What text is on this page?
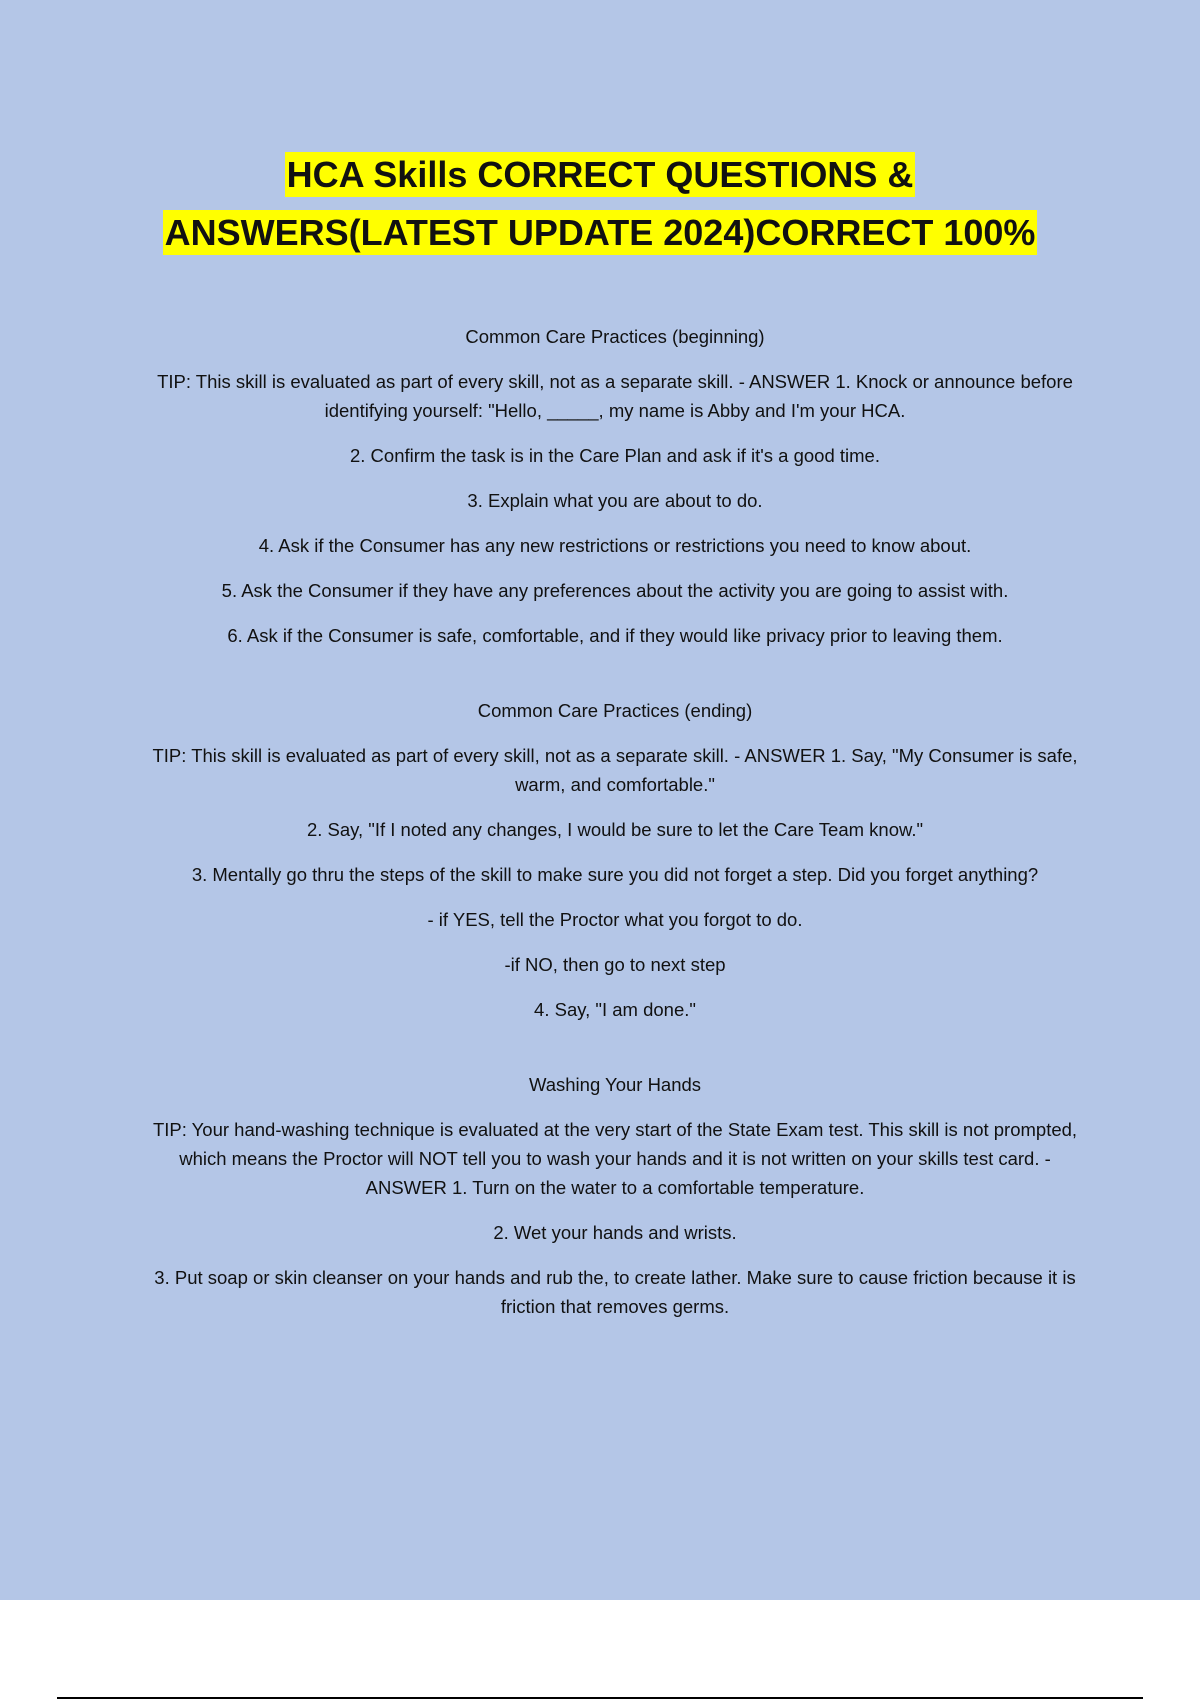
HCA Skills CORRECT QUESTIONS &
ANSWERS(LATEST UPDATE 2024)CORRECT 100%

Common Care Practices (beginning)

TIP: This skill is evaluated as part of every skill, not as a separate skill. - ANSWER 1. Knock or announce before identifying yourself: "Hello, _____, my name is Abby and I'm your HCA.

2. Confirm the task is in the Care Plan and ask if it's a good time.

3. Explain what you are about to do.

4. Ask if the Consumer has any new restrictions or restrictions you need to know about.

5. Ask the Consumer if they have any preferences about the activity you are going to assist with.

6. Ask if the Consumer is safe, comfortable, and if they would like privacy prior to leaving them.

Common Care Practices (ending)

TIP: This skill is evaluated as part of every skill, not as a separate skill. - ANSWER 1. Say, "My Consumer is safe, warm, and comfortable."

2. Say, "If I noted any changes, I would be sure to let the Care Team know."

3. Mentally go thru the steps of the skill to make sure you did not forget a step. Did you forget anything?

- if YES, tell the Proctor what you forgot to do.

-if NO, then go to next step

4. Say, "I am done."

Washing Your Hands

TIP: Your hand-washing technique is evaluated at the very start of the State Exam test. This skill is not prompted, which means the Proctor will NOT tell you to wash your hands and it is not written on your skills test card. - ANSWER 1. Turn on the water to a comfortable temperature.

2. Wet your hands and wrists.

3. Put soap or skin cleanser on your hands and rub the, to create lather. Make sure to cause friction because it is friction that removes germs.
